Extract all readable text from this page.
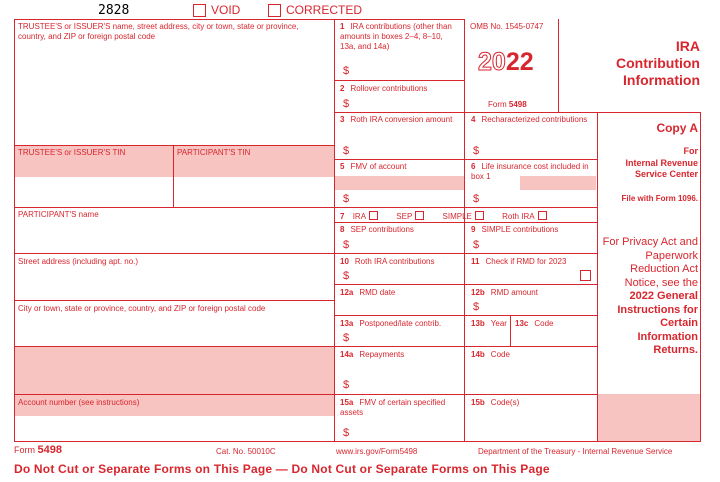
2828	VOID	CORRECTED
TRUSTEE'S or ISSUER'S name, street address, city or town, state or province, country, and ZIP or foreign postal code
TRUSTEE'S or ISSUER'S TIN	PARTICIPANT'S TIN
PARTICIPANT'S name
Street address (including apt. no.)
City or town, state or province, country, and ZIP or foreign postal code
Account number (see instructions)
1 IRA contributions (other than amounts in boxes 2–4, 8–10, 13a, and 14a)
$
2 Rollover contributions
$
3 Roth IRA conversion amount
$
4 Recharacterized contributions
$
5 FMV of account
$
6 Life insurance cost included in box 1
$
7 IRA	SEP	SIMPLE	Roth IRA
8 SEP contributions
$
9 SIMPLE contributions
$
10 Roth IRA contributions
$
11 Check if RMD for 2023
12a RMD date	12b RMD amount
$
13a Postponed/late contrib.
$
13b Year 13c Code
14a Repayments
$
14b Code
15a FMV of certain specified assets
$
15b Code(s)
OMB No. 1545-0747
2022
Form 5498
IRA Contribution Information
Copy A
For
Internal Revenue Service Center
File with Form 1096.
For Privacy Act and Paperwork Reduction Act Notice, see the 2022 General Instructions for Certain Information Returns.
Form 5498	Cat. No. 50010C	www.irs.gov/Form5498	Department of the Treasury - Internal Revenue Service
Do Not Cut or Separate Forms on This Page — Do Not Cut or Separate Forms on This Page
